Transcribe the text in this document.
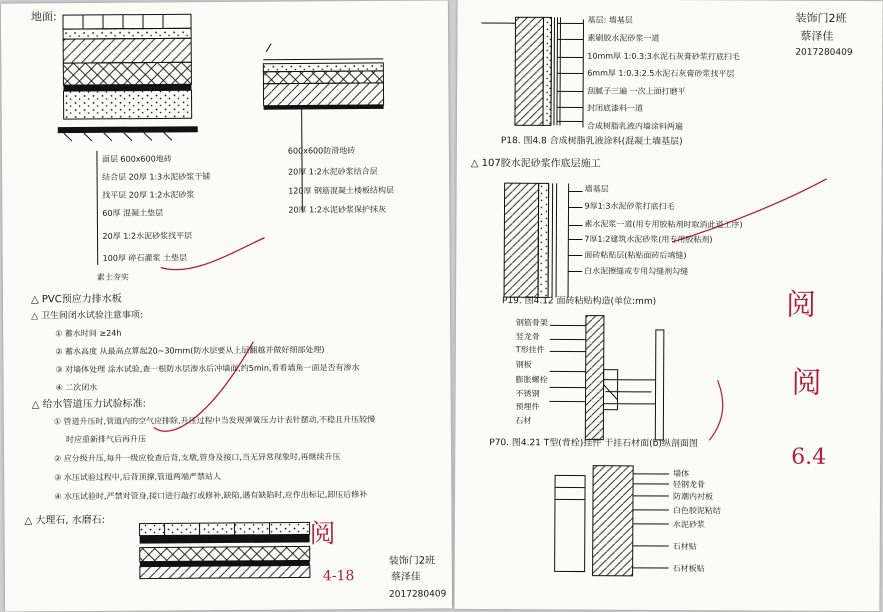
地面:
面层 600x600地砖
结合层 20厚 1:3水泥砂浆干铺
找平层 20厚 1:2水泥砂浆
60厚 混凝土垫层
20厚 1:2水泥砂浆找平层
100厚 碎石灌浆 土垫层
素土夯实
600x600防滑地砖
20厚 1:2水泥砂浆结合层
120厚 钢筋混凝土楼板结构层
20厚 1:2水泥砂浆保护抹灰
△ PVC预应力排水板
△ 卫生间闭水试验注意事项:
① 蓄水时间 ≥24h
② 蓄水高度 从最高点算起20~30mm(防水层要从上层翻越并做好细部处理)
③ 对墙体处理 涂水试验,查一根防水层渗水后冲墙面,约5min,看看墙角一面是否有渗水
④ 二次闭水
△ 给水管道压力试验标准:
① 管道升压时,管道内的空气应排除,升压过程中当发现弹簧压力计表针摆动,不稳且升压较慢
时应重新排气后再升压
② 应分级升压,每升一级应检查后背,支墩,管身及接口,当无异常现象时,再继续升压
③ 水压试验过程中,后背顶撑,管道两端严禁站人
④ 水压试验时,严禁对管身,接口进行敲打或修补,缺陷,遇有缺陷时,应作出标记,卸压后修补
△ 大理石, 水磨石:	阅
4-18
装饰门2班
蔡泽佳
2017280409
装饰门2班
蔡泽佳
2017280409
基层: 墙基层
素刷胶水泥砂浆一道
10mm厚 1:0.3:3水泥石灰膏砂浆打底扫毛
6mm厚 1:0.3:2.5水泥石灰膏砂浆找平层
刮腻子三遍 一次上面打磨平
封闭底漆料一道
合成树脂乳液内墙涂料两遍
P18. 图4.8 合成树脂乳液涂料(混凝土墙基层)
△ 107胶水泥砂浆作底层施工
墙基层
9厚1:3水泥砂浆打底扫毛
素水泥浆一道(用专用胶粘剂时取消此道工序)
7厚1:2建筑水泥砂浆(用专用胶粘剂)
面砖粘贴层(粘贴面砖后填缝)
白水泥擦缝或专用勾缝剂勾缝
P19. 图4.12 面砖粘贴构造(单位:mm)
钢筋骨架
竖龙骨
T形挂件
钢板
膨胀螺栓
不锈钢
预埋件
石材
P70. 图4.21 T型(背栓)挂件 干挂石材面(b)纵剖面图
墙体
轻钢龙骨
防潮内衬板
白色胶泥粘结
水泥砂浆
石材贴
石材板贴
阅
阅
6.4
